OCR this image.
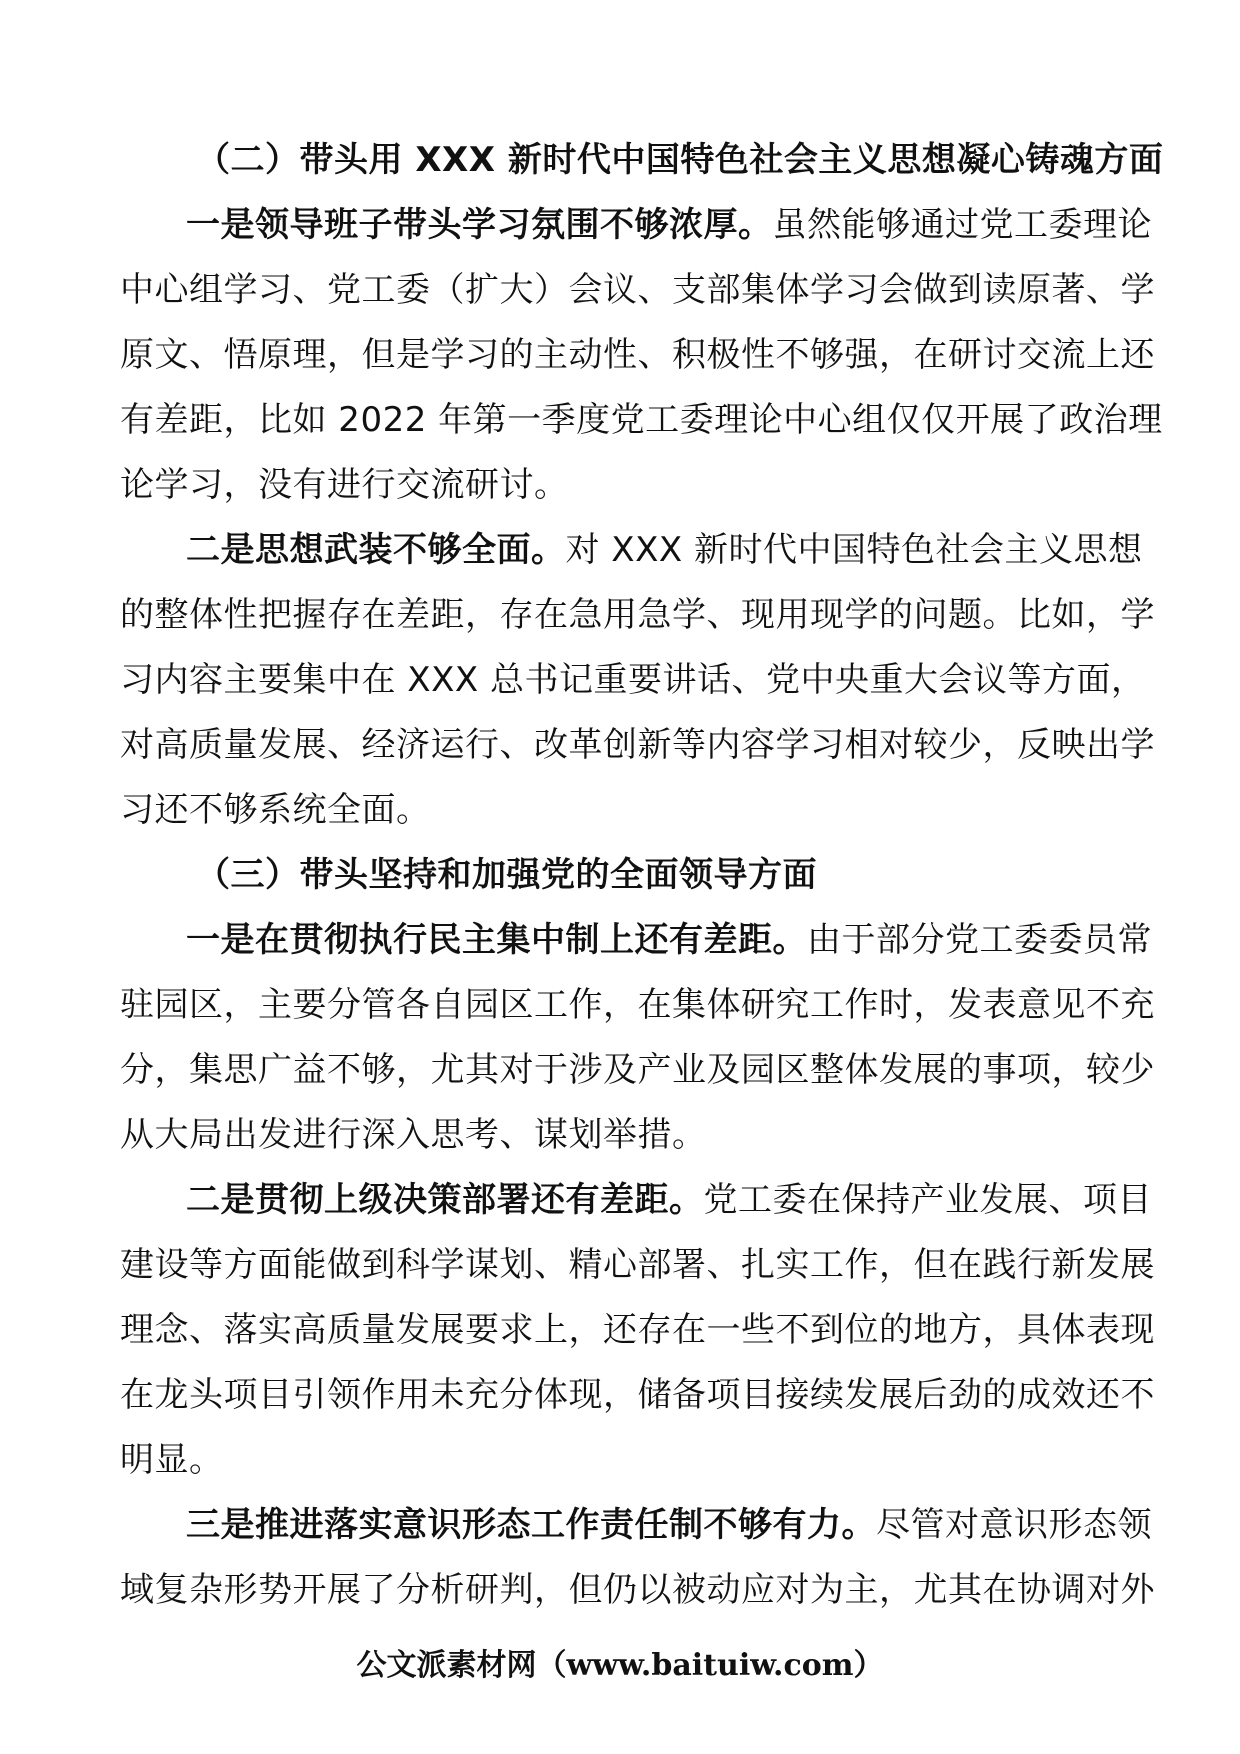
（二）带头用 XXX 新时代中国特色社会主义思想凝心铸魂方面
一是领导班子带头学习氛围不够浓厚。虽然能够通过党工委理论
中心组学习、党工委（扩大）会议、支部集体学习会做到读原著、学
原文、悟原理，但是学习的主动性、积极性不够强，在研讨交流上还
有差距，比如 2022 年第一季度党工委理论中心组仅仅开展了政治理
论学习，没有进行交流研讨。
二是思想武装不够全面。对 XXX 新时代中国特色社会主义思想
的整体性把握存在差距，存在急用急学、现用现学的问题。比如，学
习内容主要集中在 XXX 总书记重要讲话、党中央重大会议等方面，
对高质量发展、经济运行、改革创新等内容学习相对较少，反映出学
习还不够系统全面。
（三）带头坚持和加强党的全面领导方面
一是在贯彻执行民主集中制上还有差距。由于部分党工委委员常
驻园区，主要分管各自园区工作，在集体研究工作时，发表意见不充
分，集思广益不够，尤其对于涉及产业及园区整体发展的事项，较少
从大局出发进行深入思考、谋划举措。
二是贯彻上级决策部署还有差距。党工委在保持产业发展、项目
建设等方面能做到科学谋划、精心部署、扎实工作，但在践行新发展
理念、落实高质量发展要求上，还存在一些不到位的地方，具体表现
在龙头项目引领作用未充分体现，储备项目接续发展后劲的成效还不
明显。
三是推进落实意识形态工作责任制不够有力。尽管对意识形态领
域复杂形势开展了分析研判，但仍以被动应对为主，尤其在协调对外
公文派素材网（www.baituiw.com）
